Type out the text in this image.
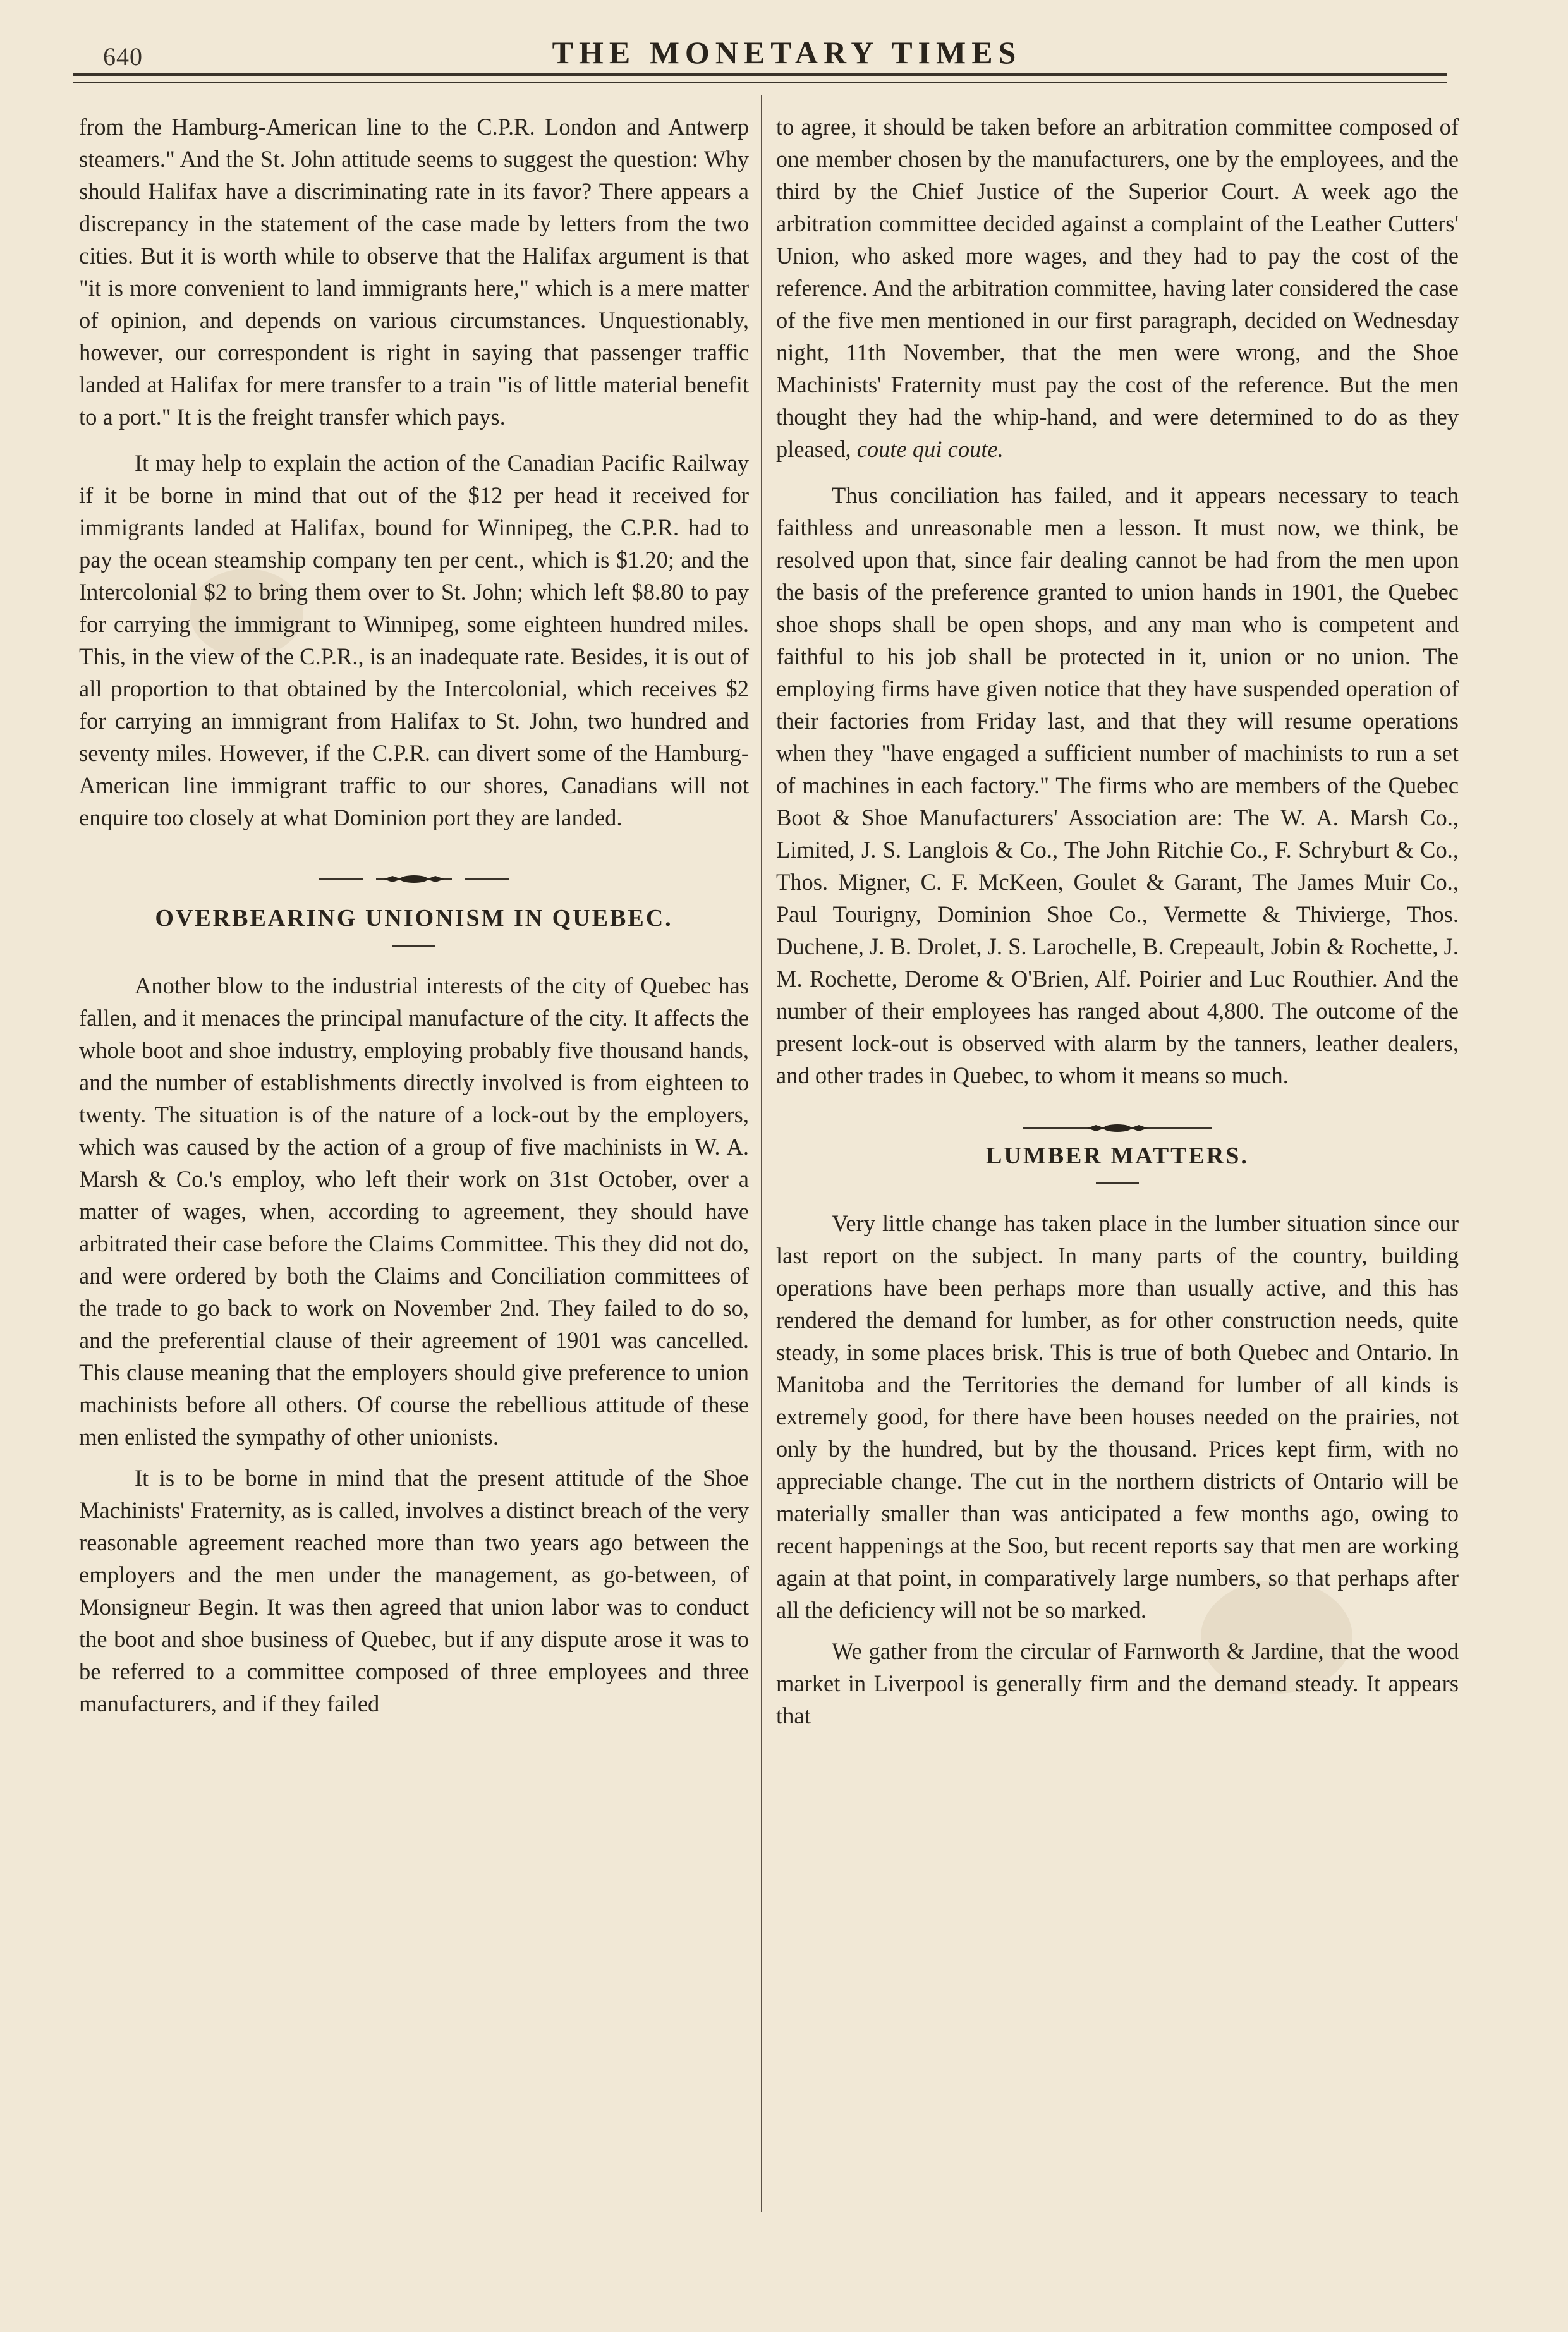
640	THE MONETARY TIMES

from the Hamburg-American line to the C.P.R. London and Antwerp steamers." And the St. John attitude seems to suggest the question: Why should Halifax have a discriminating rate in its favor? There appears a discrepancy in the statement of the case made by letters from the two cities. But it is worth while to observe that the Halifax argument is that "it is more convenient to land immigrants here," which is a mere matter of opinion, and depends on various circumstances. Unquestionably, however, our correspondent is right in saying that passenger traffic landed at Halifax for mere transfer to a train "is of little material benefit to a port." It is the freight transfer which pays.

It may help to explain the action of the Canadian Pacific Railway if it be borne in mind that out of the $12 per head it received for immigrants landed at Halifax, bound for Winnipeg, the C.P.R. had to pay the ocean steamship company ten per cent., which is $1.20; and the Intercolonial $2 to bring them over to St. John; which left $8.80 to pay for carrying the immigrant to Winnipeg, some eighteen hundred miles. This, in the view of the C.P.R., is an inadequate rate. Besides, it is out of all proportion to that obtained by the Intercolonial, which receives $2 for carrying an immigrant from Halifax to St. John, two hundred and seventy miles. However, if the C.P.R. can divert some of the Hamburg-American line immigrant traffic to our shores, Canadians will not enquire too closely at what Dominion port they are landed.

OVERBEARING UNIONISM IN QUEBEC.

Another blow to the industrial interests of the city of Quebec has fallen, and it menaces the principal manufacture of the city. It affects the whole boot and shoe industry, employing probably five thousand hands, and the number of establishments directly involved is from eighteen to twenty. The situation is of the nature of a lock-out by the employers, which was caused by the action of a group of five machinists in W. A. Marsh & Co.'s employ, who left their work on 31st October, over a matter of wages, when, according to agreement, they should have arbitrated their case before the Claims Committee. This they did not do, and were ordered by both the Claims and Conciliation committees of the trade to go back to work on November 2nd. They failed to do so, and the preferential clause of their agreement of 1901 was cancelled. This clause meaning that the employers should give preference to union machinists before all others. Of course the rebellious attitude of these men enlisted the sympathy of other unionists.

It is to be borne in mind that the present attitude of the Shoe Machinists' Fraternity, as is called, involves a distinct breach of the very reasonable agreement reached more than two years ago between the employers and the men under the management, as go-between, of Monsigneur Begin. It was then agreed that union labor was to conduct the boot and shoe business of Quebec, but if any dispute arose it was to be referred to a committee composed of three employees and three manufacturers, and if they failed

to agree, it should be taken before an arbitration committee composed of one member chosen by the manufacturers, one by the employees, and the third by the Chief Justice of the Superior Court. A week ago the arbitration committee decided against a complaint of the Leather Cutters' Union, who asked more wages, and they had to pay the cost of the reference. And the arbitration committee, having later considered the case of the five men mentioned in our first paragraph, decided on Wednesday night, 11th November, that the men were wrong, and the Shoe Machinists' Fraternity must pay the cost of the reference. But the men thought they had the whip-hand, and were determined to do as they pleased, coute qui coute.

Thus conciliation has failed, and it appears necessary to teach faithless and unreasonable men a lesson. It must now, we think, be resolved upon that, since fair dealing cannot be had from the men upon the basis of the preference granted to union hands in 1901, the Quebec shoe shops shall be open shops, and any man who is competent and faithful to his job shall be protected in it, union or no union. The employing firms have given notice that they have suspended operation of their factories from Friday last, and that they will resume operations when they "have engaged a sufficient number of machinists to run a set of machines in each factory." The firms who are members of the Quebec Boot & Shoe Manufacturers' Association are: The W. A. Marsh Co., Limited, J. S. Langlois & Co., The John Ritchie Co., F. Schryburt & Co., Thos. Migner, C. F. McKeen, Goulet & Garant, The James Muir Co., Paul Tourigny, Dominion Shoe Co., Vermette & Thivierge, Thos. Duchene, J. B. Drolet, J. S. Larochelle, B. Crepeault, Jobin & Rochette, J. M. Rochette, Derome & O'Brien, Alf. Poirier and Luc Routhier. And the number of their employees has ranged about 4,800. The outcome of the present lock-out is observed with alarm by the tanners, leather dealers, and other trades in Quebec, to whom it means so much.

LUMBER MATTERS.

Very little change has taken place in the lumber situation since our last report on the subject. In many parts of the country, building operations have been perhaps more than usually active, and this has rendered the demand for lumber, as for other construction needs, quite steady, in some places brisk. This is true of both Quebec and Ontario. In Manitoba and the Territories the demand for lumber of all kinds is extremely good, for there have been houses needed on the prairies, not only by the hundred, but by the thousand. Prices kept firm, with no appreciable change. The cut in the northern districts of Ontario will be materially smaller than was anticipated a few months ago, owing to recent happenings at the Soo, but recent reports say that men are working again at that point, in comparatively large numbers, so that perhaps after all the deficiency will not be so marked.

We gather from the circular of Farnworth & Jardine, that the wood market in Liverpool is generally firm and the demand steady. It appears that
